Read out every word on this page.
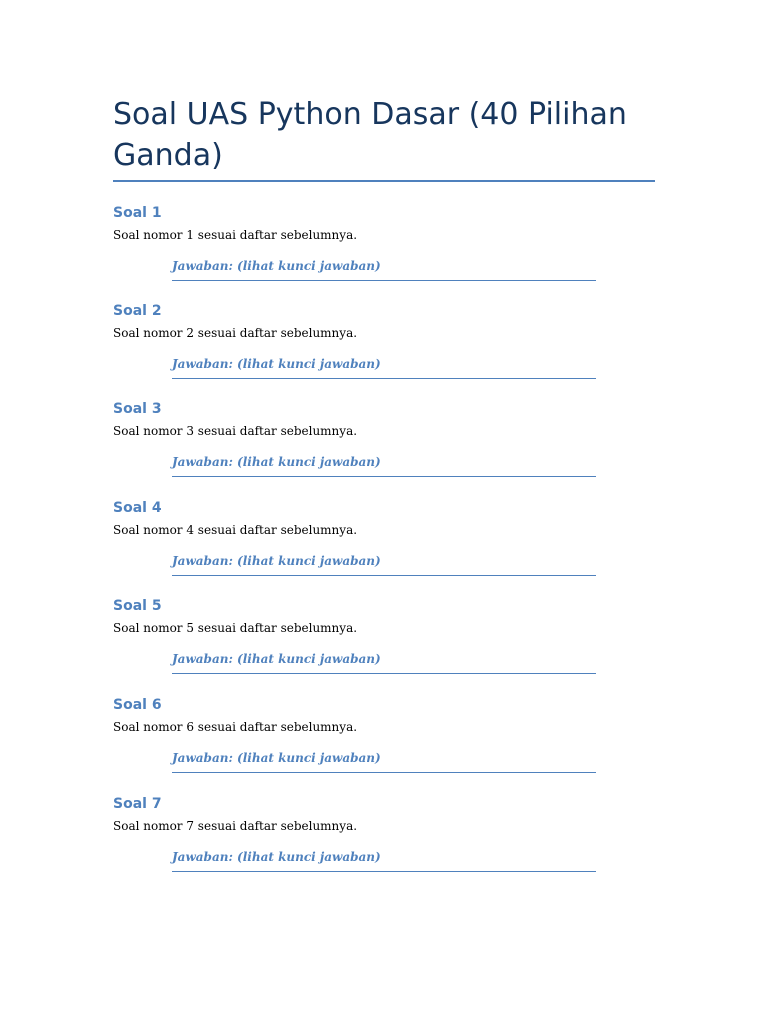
Soal UAS Python Dasar (40 Pilihan Ganda)
Soal 1

Soal nomor 1 sesuai daftar sebelumnya.

Jawaban: (lihat kunci jawaban)

Soal 2

Soal nomor 2 sesuai daftar sebelumnya.

Jawaban: (lihat kunci jawaban)

Soal 3

Soal nomor 3 sesuai daftar sebelumnya.

Jawaban: (lihat kunci jawaban)

Soal 4

Soal nomor 4 sesuai daftar sebelumnya.

Jawaban: (lihat kunci jawaban)

Soal 5

Soal nomor 5 sesuai daftar sebelumnya.

Jawaban: (lihat kunci jawaban)

Soal 6

Soal nomor 6 sesuai daftar sebelumnya.

Jawaban: (lihat kunci jawaban)

Soal 7

Soal nomor 7 sesuai daftar sebelumnya.

Jawaban: (lihat kunci jawaban)
